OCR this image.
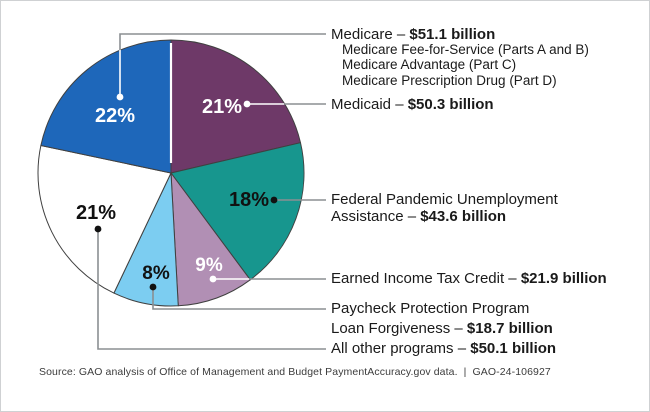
21%
18%
9%
8%
21%
22%
Medicare – $51.1 billion
Medicare Fee-for-Service (Parts A and B)
Medicare Advantage (Part C)
Medicare Prescription Drug (Part D)
Medicaid – $50.3 billion
Federal Pandemic Unemployment
Assistance – $43.6 billion
Earned Income Tax Credit – $21.9 billion
Paycheck Protection Program
Loan Forgiveness – $18.7 billion
All other programs – $50.1 billion
Source: GAO analysis of Office of Management and Budget PaymentAccuracy.gov data.  |  GAO-24-106927
